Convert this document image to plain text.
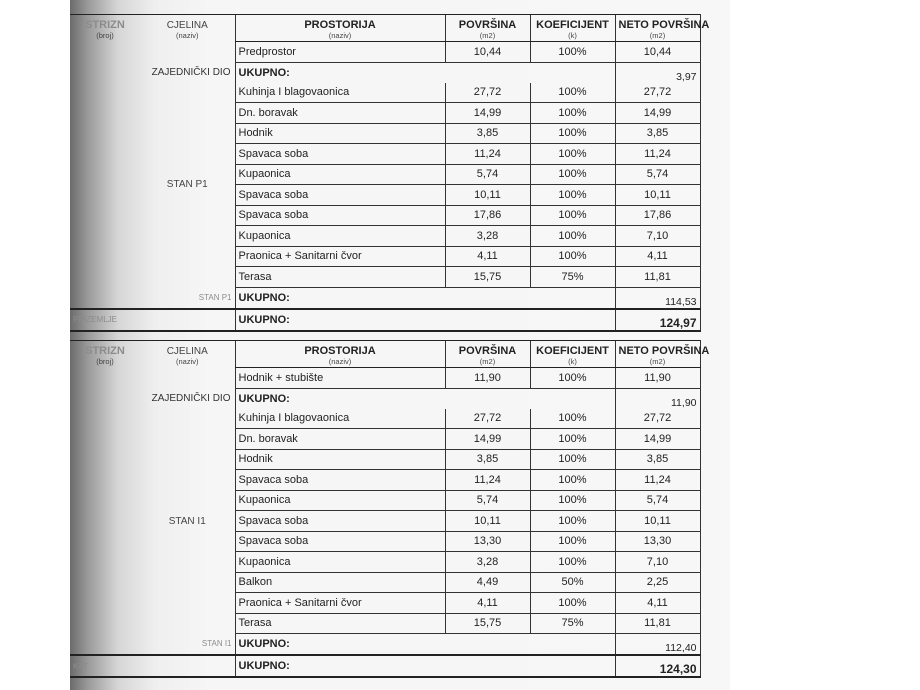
STRIZN	CJELINA	PROSTORIJA	POVRŠINA	KOEFICIJENT	NETO POVRŠINA
(broj)	(naziv)	(naziv)	(m2)	(k)	(m2)
		Predprostor	10,44	100%	10,44
ZAJEDNIČKI DIO		UKUPNO:			3,97
	STAN P1	Kuhinja I blagovaonica	27,72	100%	27,72
		Dn. boravak	14,99	100%	14,99
		Hodnik	3,85	100%	3,85
		Spavaca soba	11,24	100%	11,24
		Kupaonica	5,74	100%	5,74
		Spavaca soba	10,11	100%	10,11
		Spavaca soba	17,86	100%	17,86
		Kupaonica	3,28	100%	7,10
		Praonica + Sanitarni čvor	4,11	100%	4,11
		Terasa	15,75	75%	11,81
STAN P1		UKUPNO:			114,53
PRIZEMLJE		UKUPNO:			124,97
STRIZN	CJELINA	PROSTORIJA	POVRŠINA	KOEFICIJENT	NETO POVRŠINA
(broj)	(naziv)	(naziv)	(m2)	(k)	(m2)
		Hodnik + stubište	11,90	100%	11,90
ZAJEDNIČKI DIO		UKUPNO:			11,90
	STAN I1	Kuhinja I blagovaonica	27,72	100%	27,72
		Dn. boravak	14,99	100%	14,99
		Hodnik	3,85	100%	3,85
		Spavaca soba	11,24	100%	11,24
		Kupaonica	5,74	100%	5,74
		Spavaca soba	10,11	100%	10,11
		Spavaca soba	13,30	100%	13,30
		Kupaonica	3,28	100%	7,10
		Balkon	4,49	50%	2,25
		Praonica + Sanitarni čvor	4,11	100%	4,11
		Terasa	15,75	75%	11,81
STAN I1		UKUPNO:			112,40
KAT		UKUPNO:			124,30
